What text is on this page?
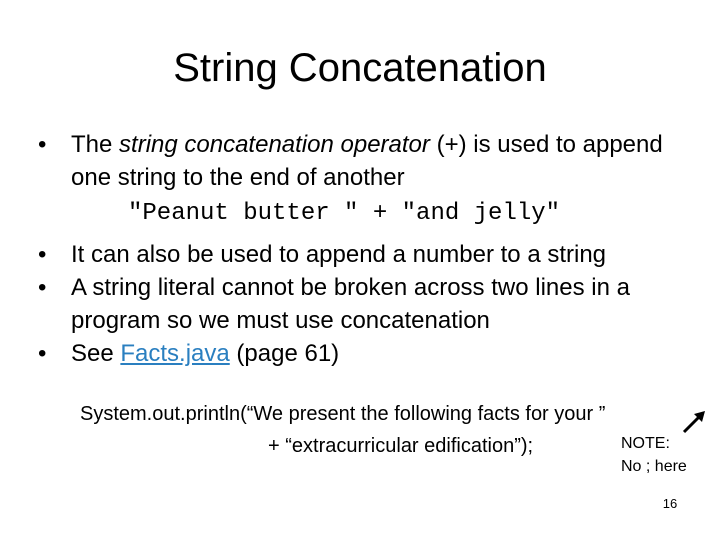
String Concatenation
• The string concatenation operator (+) is used to append one string to the end of another
"Peanut butter " + "and jelly"
• It can also be used to append a number to a string
• A string literal cannot be broken across two lines in a program so we must use concatenation
• See Facts.java (page 61)
System.out.println(“We present the following facts for your ”
+ “extracurricular edification”);	NOTE:
No ; here
16
